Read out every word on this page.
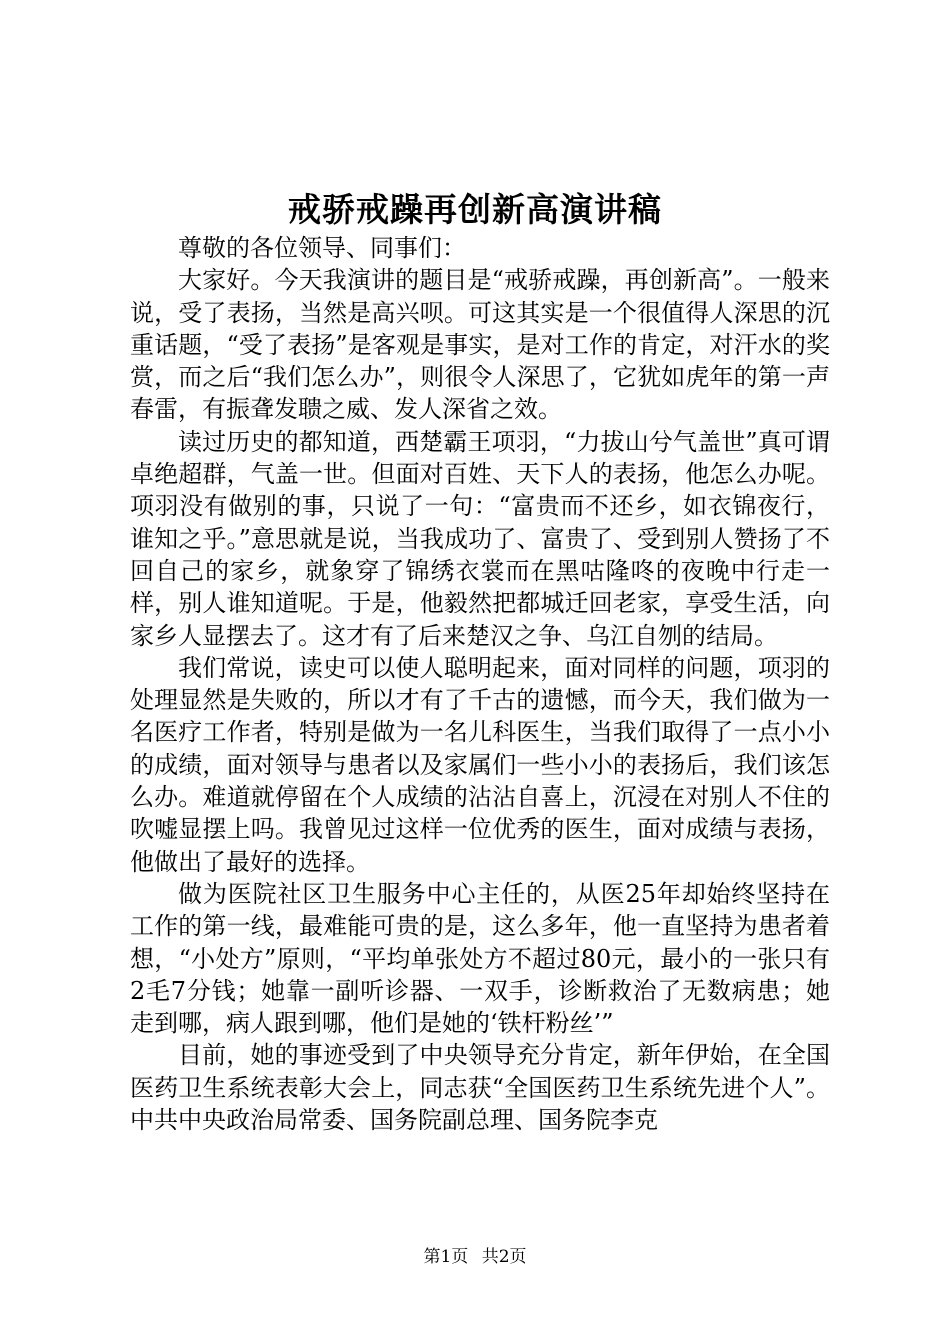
戒骄戒躁再创新高演讲稿

尊敬的各位领导、同事们：

大家好。今天我演讲的题目是“戒骄戒躁，再创新高”。一般来说，受了表扬，当然是高兴呗。可这其实是一个很值得人深思的沉重话题，“受了表扬”是客观是事实，是对工作的肯定，对汗水的奖赏，而之后“我们怎么办”，则很令人深思了，它犹如虎年的第一声春雷，有振聋发聩之威、发人深省之效。

读过历史的都知道，西楚霸王项羽，“力拔山兮气盖世”真可谓卓绝超群，气盖一世。但面对百姓、天下人的表扬，他怎么办呢。项羽没有做别的事，只说了一句：“富贵而不还乡，如衣锦夜行，谁知之乎。”意思就是说，当我成功了、富贵了、受到别人赞扬了不回自己的家乡，就象穿了锦绣衣裳而在黑咕隆咚的夜晚中行走一样，别人谁知道呢。于是，他毅然把都城迁回老家，享受生活，向家乡人显摆去了。这才有了后来楚汉之争、乌江自刎的结局。

我们常说，读史可以使人聪明起来，面对同样的问题，项羽的处理显然是失败的，所以才有了千古的遗憾，而今天，我们做为一名医疗工作者，特别是做为一名儿科医生，当我们取得了一点小小的成绩，面对领导与患者以及家属们一些小小的表扬后，我们该怎么办。难道就停留在个人成绩的沾沾自喜上，沉浸在对别人不住的吹嘘显摆上吗。我曾见过这样一位优秀的医生，面对成绩与表扬，他做出了最好的选择。

做为医院社区卫生服务中心主任的，从医25年却始终坚持在工作的第一线，最难能可贵的是，这么多年，他一直坚持为患者着想，“小处方”原则，“平均单张处方不超过80元，最小的一张只有2毛7分钱；她靠一副听诊器、一双手，诊断救治了无数病患；她走到哪，病人跟到哪，他们是她的‘铁杆粉丝’”

目前，她的事迹受到了中央领导充分肯定，新年伊始，在全国医药卫生系统表彰大会上，同志获“全国医药卫生系统先进个人”。中共中央政治局常委、国务院副总理、国务院李克

第1页 共2页
